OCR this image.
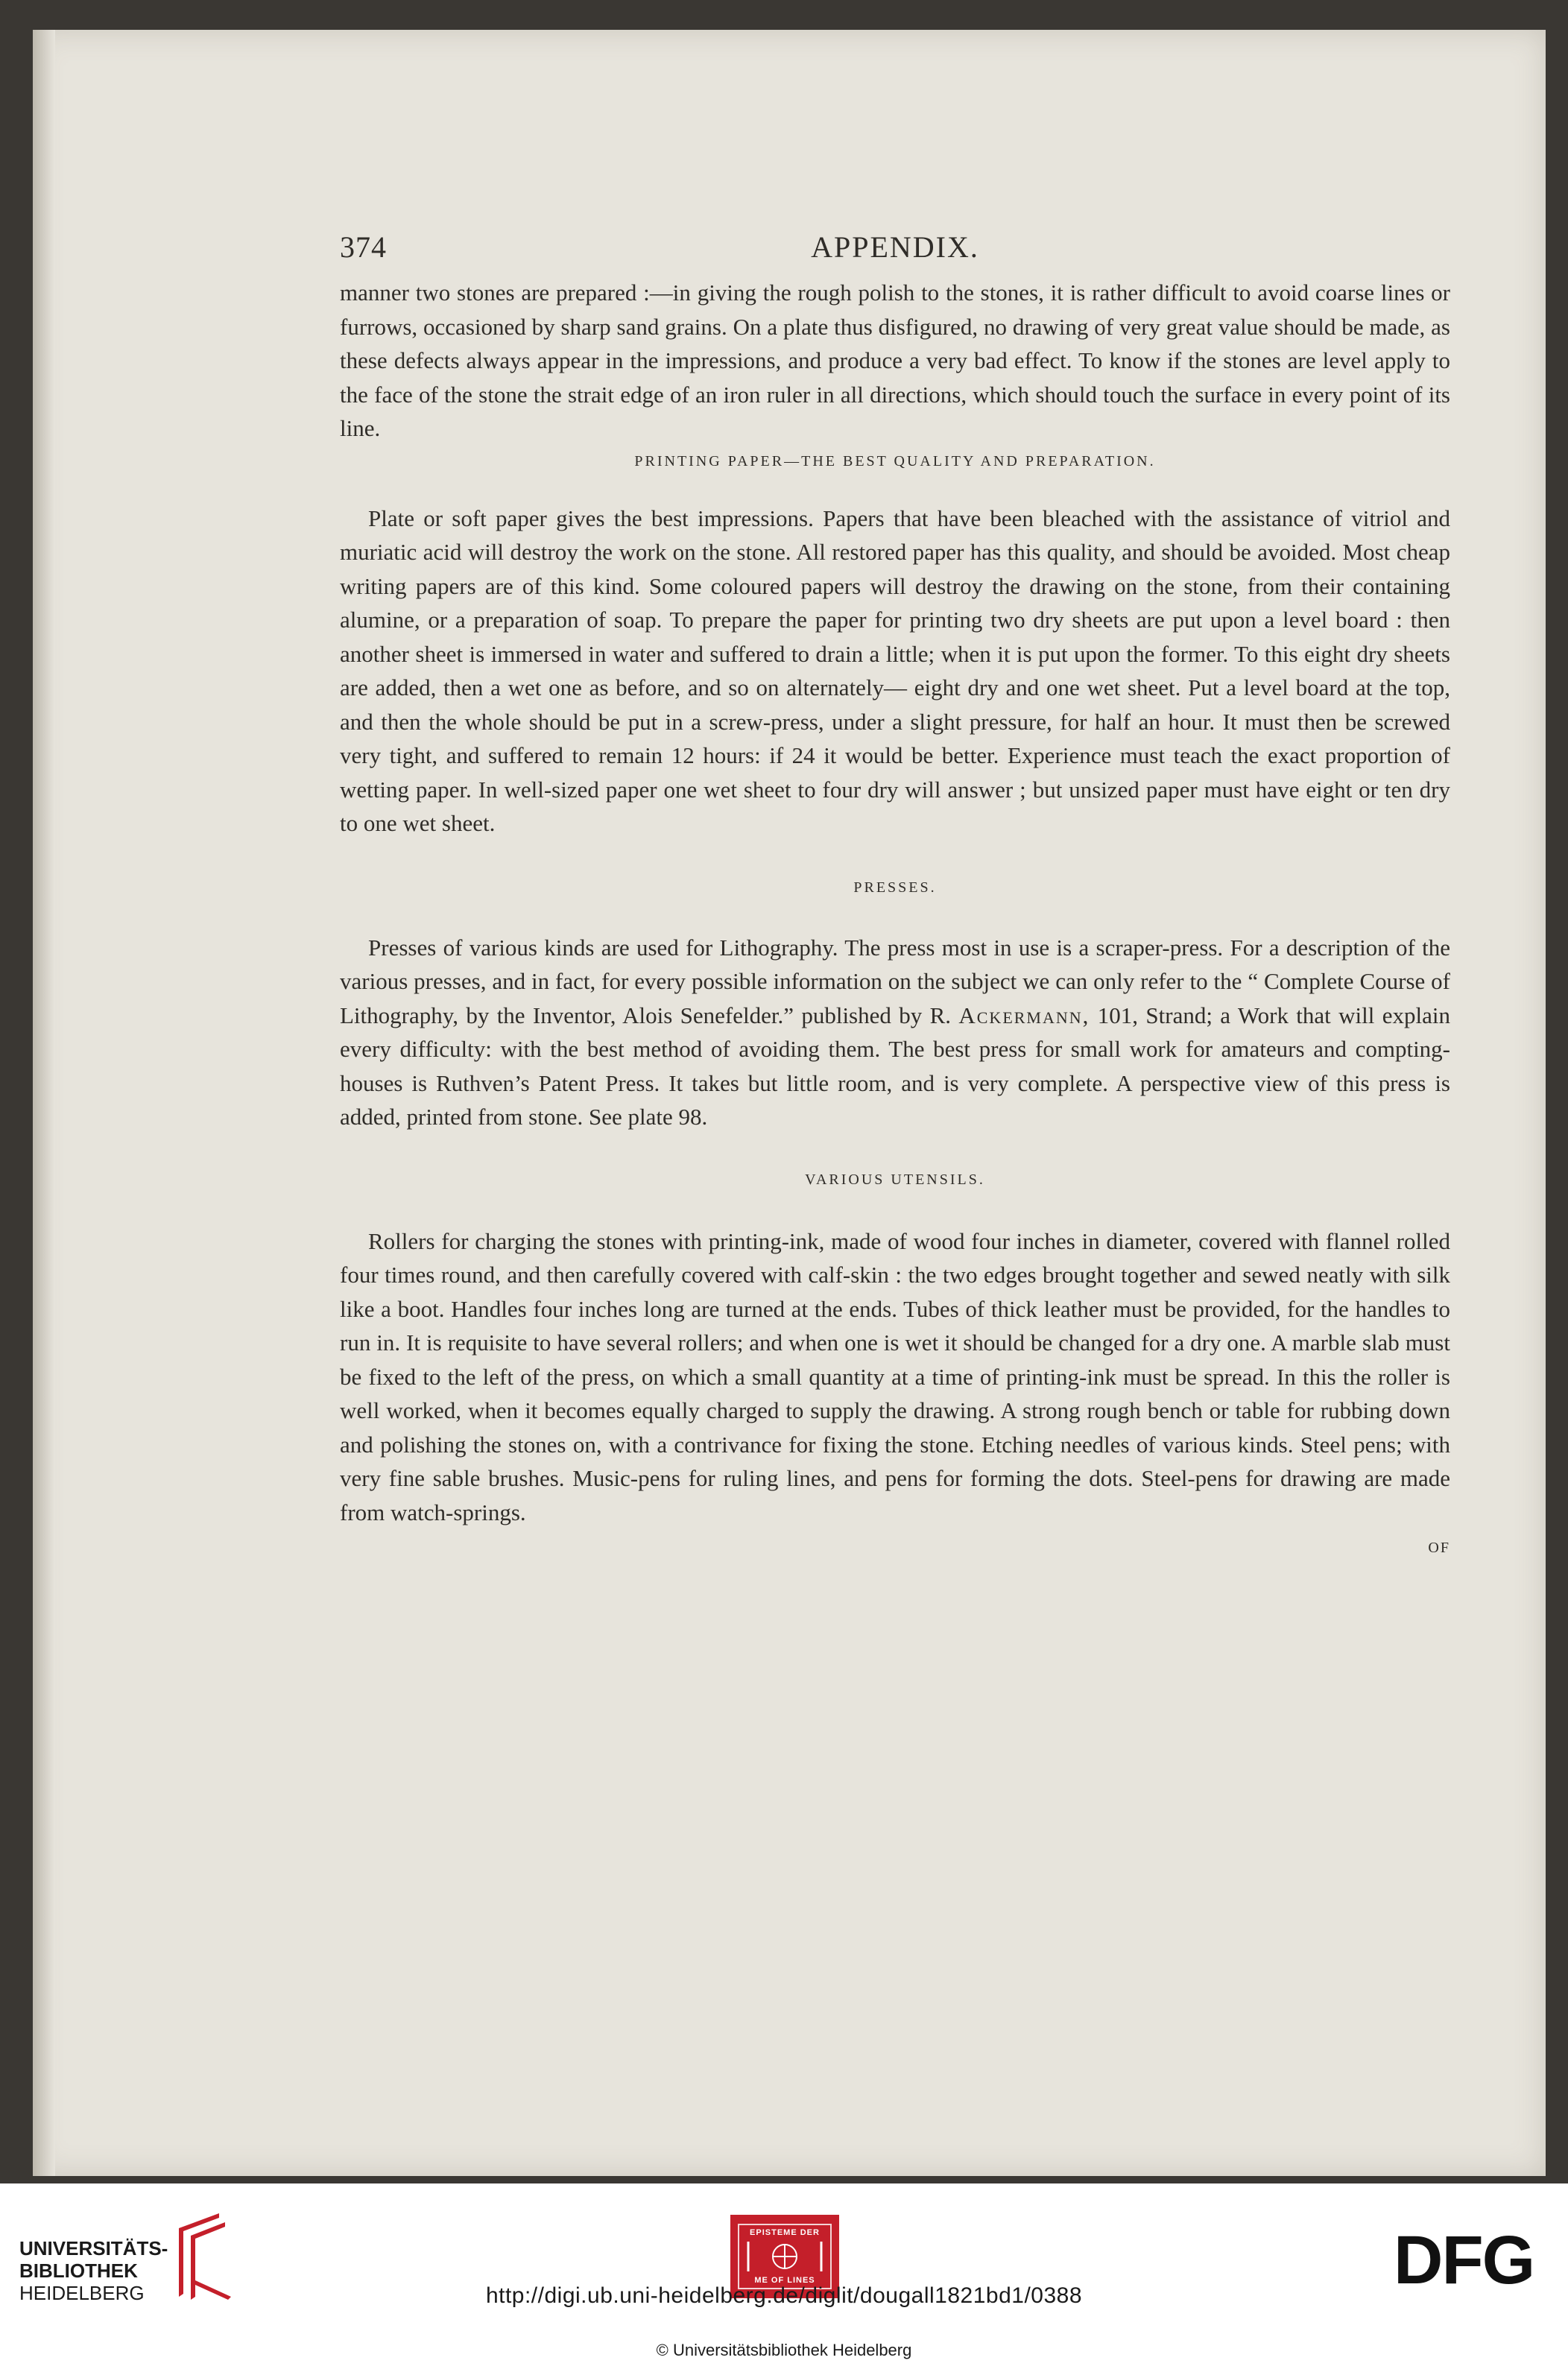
374	APPENDIX.

manner two stones are prepared :—in giving the rough polish to the stones, it is rather difficult to avoid coarse lines or furrows, occasioned by sharp sand grains. On a plate thus disfigured, no drawing of very great value should be made, as these defects always appear in the impressions, and produce a very bad effect. To know if the stones are level apply to the face of the stone the strait edge of an iron ruler in all directions, which should touch the surface in every point of its line.

PRINTING PAPER—THE BEST QUALITY AND PREPARATION.

Plate or soft paper gives the best impressions. Papers that have been bleached with the assistance of vitriol and muriatic acid will destroy the work on the stone. All restored paper has this quality, and should be avoided. Most cheap writing papers are of this kind. Some coloured papers will destroy the drawing on the stone, from their containing alumine, or a preparation of soap. To prepare the paper for printing two dry sheets are put upon a level board : then another sheet is immersed in water and suffered to drain a little; when it is put upon the former. To this eight dry sheets are added, then a wet one as before, and so on alternately— eight dry and one wet sheet. Put a level board at the top, and then the whole should be put in a screw-press, under a slight pressure, for half an hour. It must then be screwed very tight, and suffered to remain 12 hours: if 24 it would be better. Experience must teach the exact proportion of wetting paper. In well-sized paper one wet sheet to four dry will answer ; but unsized paper must have eight or ten dry to one wet sheet.

PRESSES.

Presses of various kinds are used for Lithography. The press most in use is a scraper-press. For a description of the various presses, and in fact, for every possible information on the subject we can only refer to the “ Complete Course of Lithography, by the Inventor, Alois Senefelder.” published by R. Ackermann, 101, Strand; a Work that will explain every difficulty: with the best method of avoiding them. The best press for small work for amateurs and compting-houses is Ruthven’s Patent Press. It takes but little room, and is very complete. A perspective view of this press is added, printed from stone. See plate 98.

VARIOUS UTENSILS.

Rollers for charging the stones with printing-ink, made of wood four inches in diameter, covered with flannel rolled four times round, and then carefully covered with calf-skin : the two edges brought together and sewed neatly with silk like a boot. Handles four inches long are turned at the ends. Tubes of thick leather must be provided, for the handles to run in. It is requisite to have several rollers; and when one is wet it should be changed for a dry one. A marble slab must be fixed to the left of the press, on which a small quantity at a time of printing-ink must be spread. In this the roller is well worked, when it becomes equally charged to supply the drawing. A strong rough bench or table for rubbing down and polishing the stones on, with a contrivance for fixing the stone. Etching needles of various kinds. Steel pens; with very fine sable brushes. Music-pens for ruling lines, and pens for forming the dots. Steel-pens for drawing are made from watch-springs.

OF
UNIVERSITÄTS-
BIBLIOTHEK
HEIDELBERG
EPISTEME DER
ME OF LINES	DFG
http://digi.ub.uni-heidelberg.de/diglit/dougall1821bd1/0388
© Universitätsbibliothek Heidelberg
